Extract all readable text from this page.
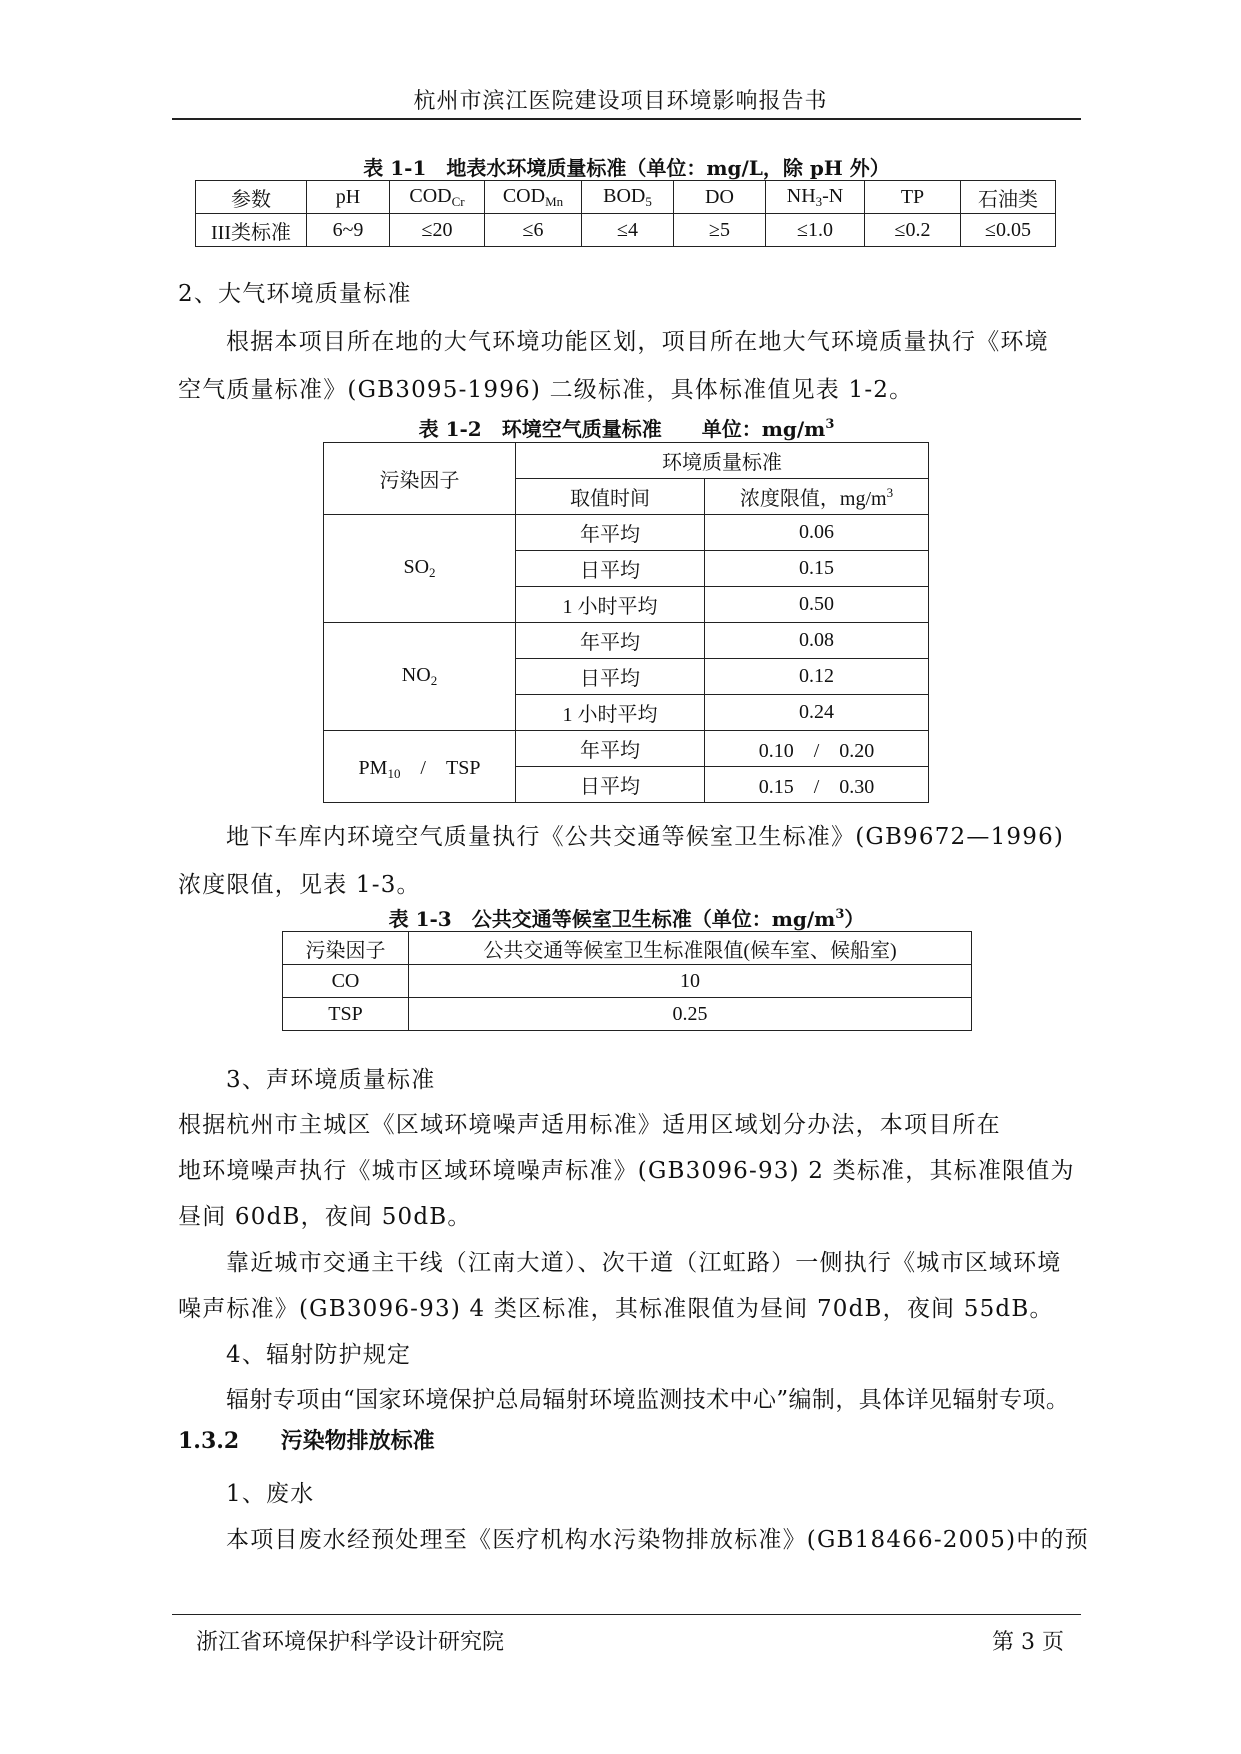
杭州市滨江医院建设项目环境影响报告书
表 1-1　地表水环境质量标准（单位：mg/L，除 pH 外）
参数	pH	$COD_{Cr}$	$COD_{Mn}$	$BOD_5$	DO	$NH_3-N$	TP	石油类
III类标准	6~9	≤20	≤6	≤4	≥5	≤1.0	≤0.2	≤0.05
2、大气环境质量标准
根据本项目所在地的大气环境功能区划，项目所在地大气环境质量执行《环境
空气质量标准》(GB3095-1996) 二级标准，具体标准值见表 1-2。
表 1-2　环境空气质量标准　　单位：$mg/m^3$
污染因子	环境质量标准	
	取值时间	浓度限值，$mg/m^3$
$SO_2$	年平均	0.06
	日平均	0.15
	1 小时平均	0.50
$NO_2$	年平均	0.08
	日平均	0.12
	1 小时平均	0.24
$PM_{10}$　/　TSP	年平均	0.10　/　0.20
	日平均	0.15　/　0.30
地下车库内环境空气质量执行《公共交通等候室卫生标准》(GB9672—1996)
浓度限值，见表 1-3。
表 1-3　公共交通等候室卫生标准（单位：$mg/m^3$）
污染因子	公共交通等候室卫生标准限值(候车室、候船室)
CO	10
TSP	0.25
3、声环境质量标准
根据杭州市主城区《区域环境噪声适用标准》适用区域划分办法，本项目所在
地环境噪声执行《城市区域环境噪声标准》(GB3096-93) 2 类标准，其标准限值为
昼间 60dB，夜间 50dB。
靠近城市交通主干线（江南大道）、次干道（江虹路）一侧执行《城市区域环境
噪声标准》(GB3096-93) 4 类区标准，其标准限值为昼间 70dB，夜间 55dB。
4、辐射防护规定
辐射专项由“国家环境保护总局辐射环境监测技术中心”编制，具体详见辐射专项。
1.3.2 污染物排放标准
1、废水
本项目废水经预处理至《医疗机构水污染物排放标准》(GB18466-2005)中的预
浙江省环境保护科学设计研究院	第 3 页
